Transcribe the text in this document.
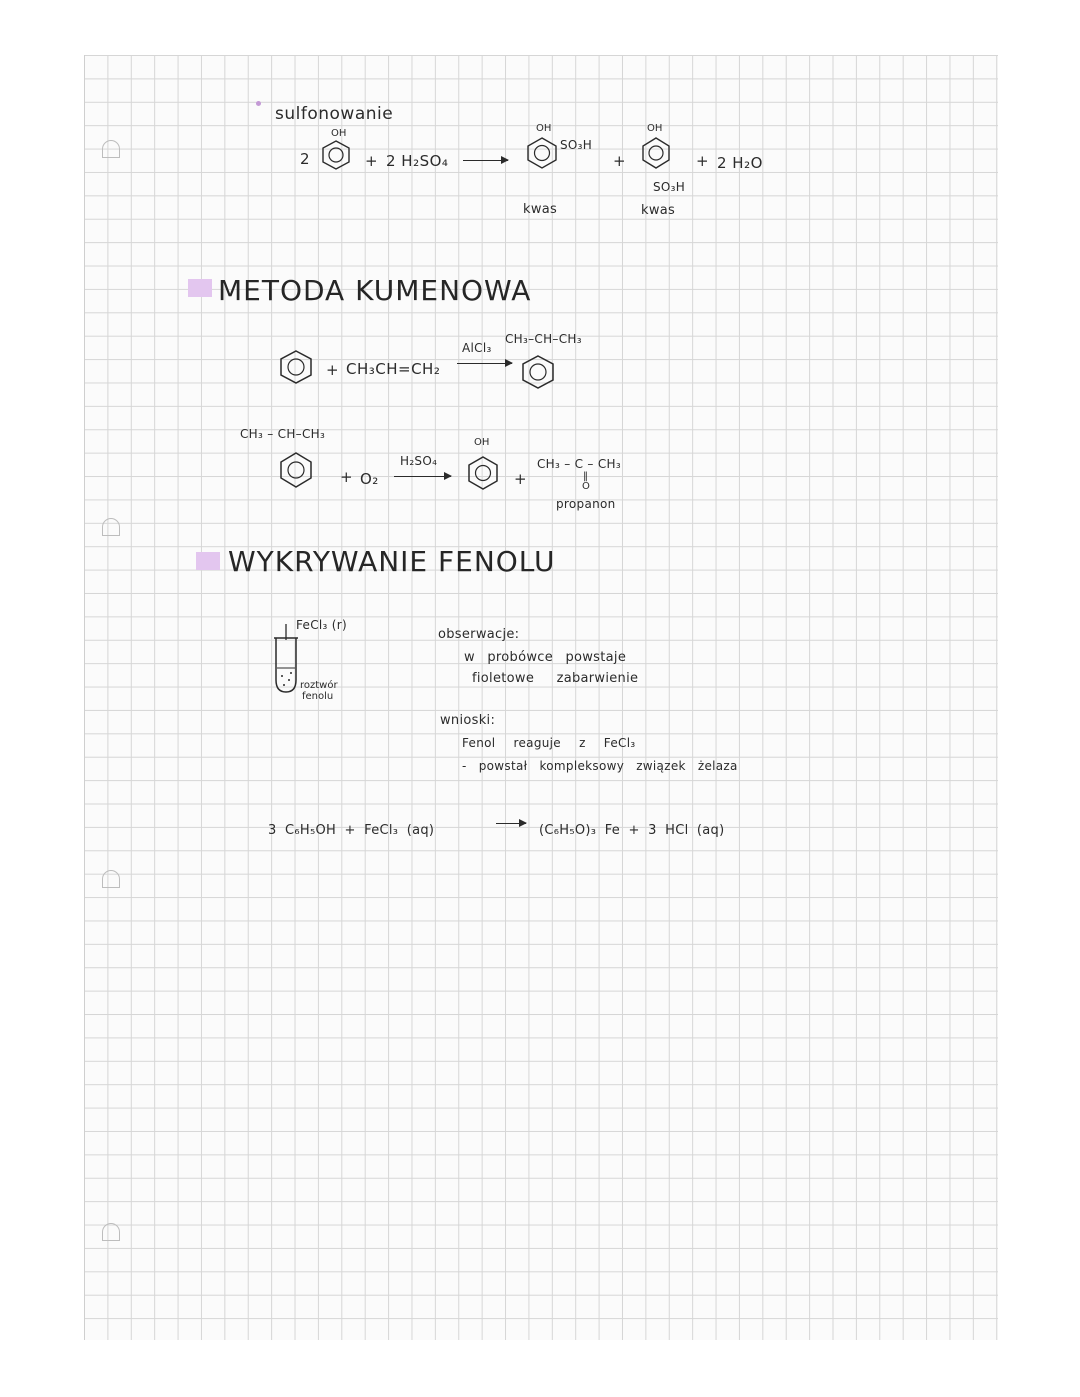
sulfonowanie
2
OH
+ 2 H₂SO₄ →
OH
SO₃H
+
OH
SO₃H
+ 2 H₂O
kwas	kwas
METODA KUMENOWA
+ CH₃CH=CH₂
AlCl₃
CH₃–CH–CH₃
CH₃ – CH–CH₃
+ O₂
H₂SO₄
OH
+
CH₃ – C – CH₃
‖
O
propanon
WYKRYWANIE FENOLU
FeCl₃ (r)
roztwór
fenolu
obserwacje:
w probówce powstaje
fioletowe zabarwienie
wnioski:
Fenol reaguje z FeCl₃
- powstał kompleksowy związek żelaza
3 C₆H₅OH + FeCl₃ (aq)	→ (C₆H₅O)₃ Fe + 3 HCl (aq)
